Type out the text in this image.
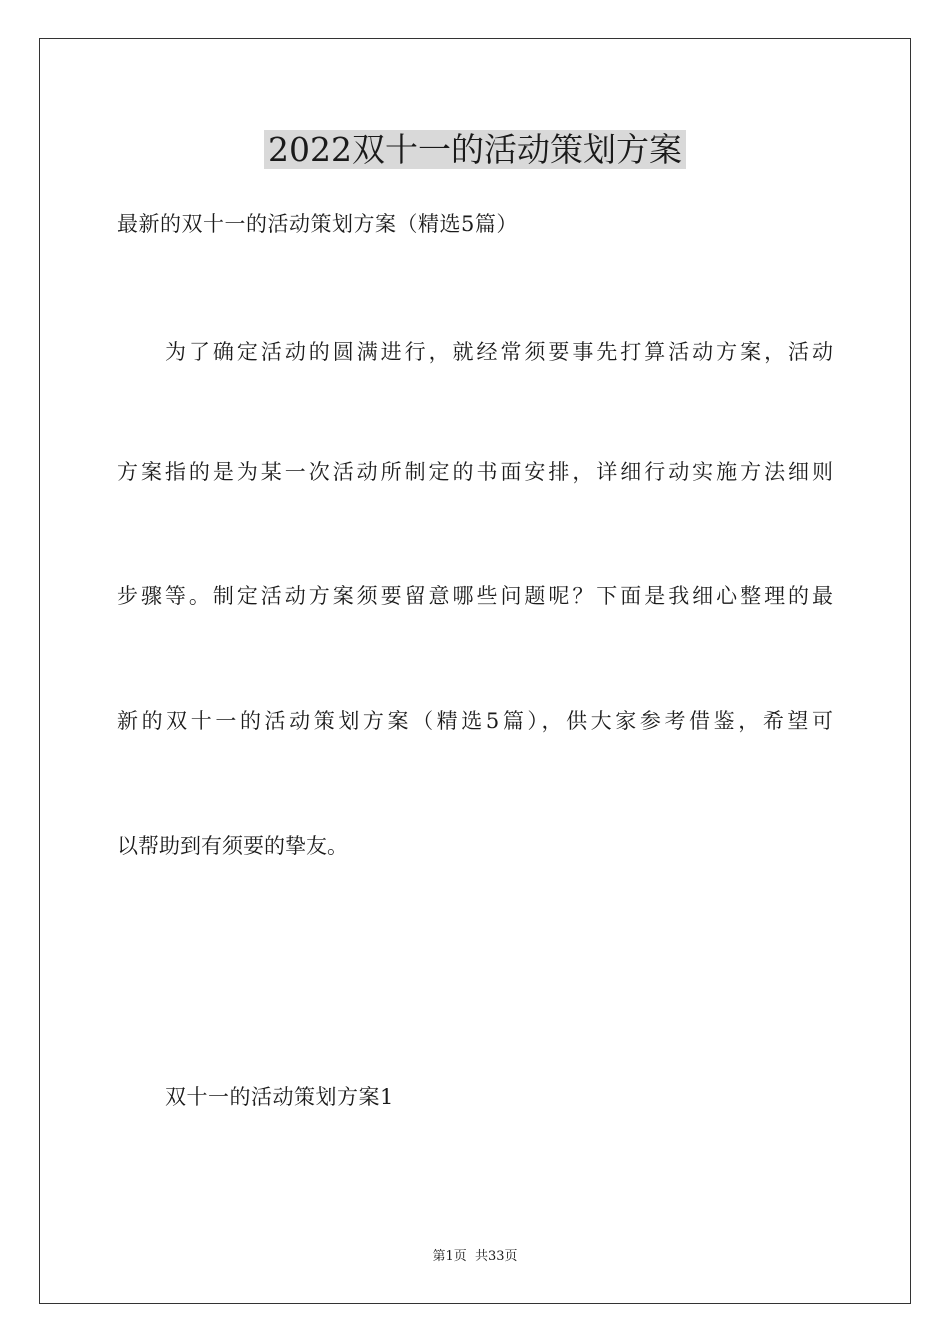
2022双十一的活动策划方案

最新的双十一的活动策划方案（精选5篇）

为了确定活动的圆满进行，就经常须要事先打算活动方案，活动

方案指的是为某一次活动所制定的书面安排，详细行动实施方法细则

步骤等。制定活动方案须要留意哪些问题呢？下面是我细心整理的最

新的双十一的活动策划方案（精选5篇），供大家参考借鉴，希望可

以帮助到有须要的挚友。

双十一的活动策划方案1
第1页  共33页
